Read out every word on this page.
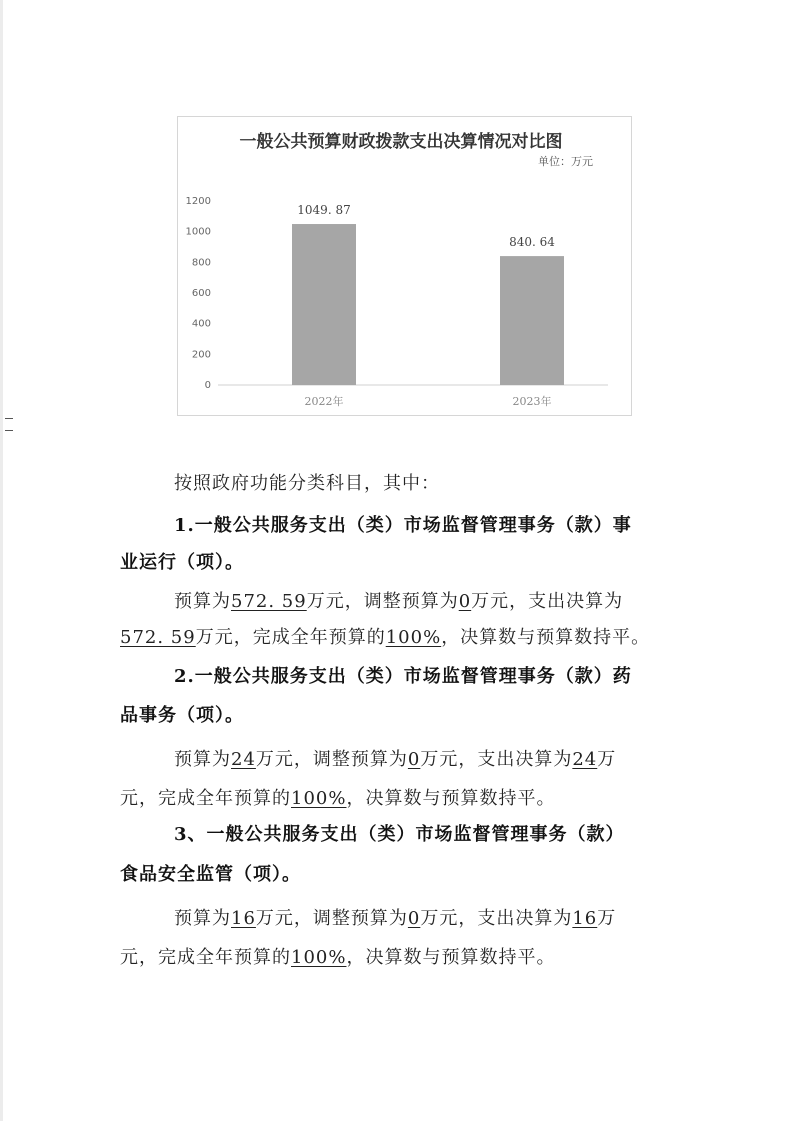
一般公共预算财政拨款支出决算情况对比图
单位：万元
0
200
400
600
800
1000
1200
1049. 87
2022年
840. 64
2023年
按照政府功能分类科目，其中：
1.一般公共服务支出（类）市场监督管理事务（款）事
业运行（项）。
预算为572. 59万元，调整预算为0万元，支出决算为
572. 59万元，完成全年预算的100%，决算数与预算数持平。
2.一般公共服务支出（类）市场监督管理事务（款）药
品事务（项）。
预算为24万元，调整预算为0万元，支出决算为24万
元，完成全年预算的100%，决算数与预算数持平。
3、一般公共服务支出（类）市场监督管理事务（款）
食品安全监管（项）。
预算为16万元，调整预算为0万元，支出决算为16万
元，完成全年预算的100%，决算数与预算数持平。
